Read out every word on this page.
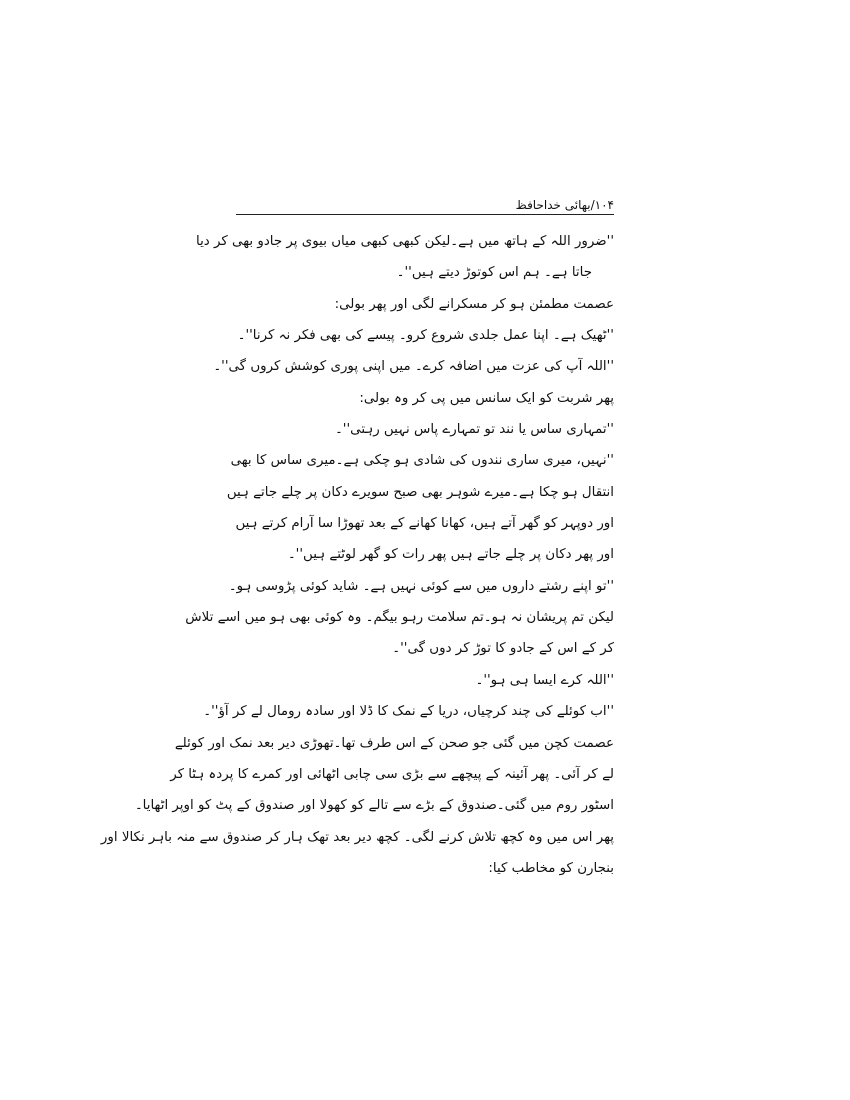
۱۰۴/بھائی خداحافظ
''ضرور اللہ کے ہاتھ میں ہے۔لیکن کبھی کبھی میاں بیوی پر جادو بھی کر دیا
جاتا ہے۔ ہم اس کوتوڑ دیتے ہیں''۔
عصمت مطمئن ہو کر مسکرانے لگی اور پھر بولی:
''ٹھیک ہے۔ اپنا عمل جلدی شروع کرو۔ پیسے کی بھی فکر نہ کرنا''۔
''اللہ آپ کی عزت میں اضافہ کرے۔ میں اپنی پوری کوشش کروں گی''۔
پھر شربت کو ایک سانس میں پی کر وہ بولی:
''تمہاری ساس یا نند تو تمہارے پاس نہیں رہتی''۔
''نہیں، میری ساری نندوں کی شادی ہو چکی ہے۔میری ساس کا بھی
انتقال ہو چکا ہے۔میرے شوہر بھی صبح سویرے دکان پر چلے جاتے ہیں
اور دوپہر کو گھر آتے ہیں، کھانا کھانے کے بعد تھوڑا سا آرام کرتے ہیں
اور پھر دکان پر چلے جاتے ہیں پھر رات کو گھر لوٹتے ہیں''۔
''تو اپنے رشتے داروں میں سے کوئی نہیں ہے۔ شاید کوئی پڑوسی ہو۔
لیکن تم پریشان نہ ہو۔تم سلامت رہو بیگم۔ وہ کوئی بھی ہو میں اسے تلاش
کر کے اس کے جادو کا توڑ کر دوں گی''۔
''اللہ کرے ایسا ہی ہو''۔
''اب کوئلے کی چند کرچیاں، دریا کے نمک کا ڈلا اور سادہ رومال لے کر آؤ''۔
عصمت کچن میں گئی جو صحن کے اس طرف تھا۔تھوڑی دیر بعد نمک اور کوئلے
لے کر آئی۔ پھر آئینہ کے پیچھے سے بڑی سی چابی اٹھائی اور کمرے کا پردہ ہٹا کر
اسٹور روم میں گئی۔صندوق کے بڑے سے تالے کو کھولا اور صندوق کے پٹ کو اوپر اٹھایا۔
پھر اس میں وہ کچھ تلاش کرنے لگی۔ کچھ دیر بعد تھک ہار کر صندوق سے منہ باہر نکالا اور
بنجارن کو مخاطب کیا:
